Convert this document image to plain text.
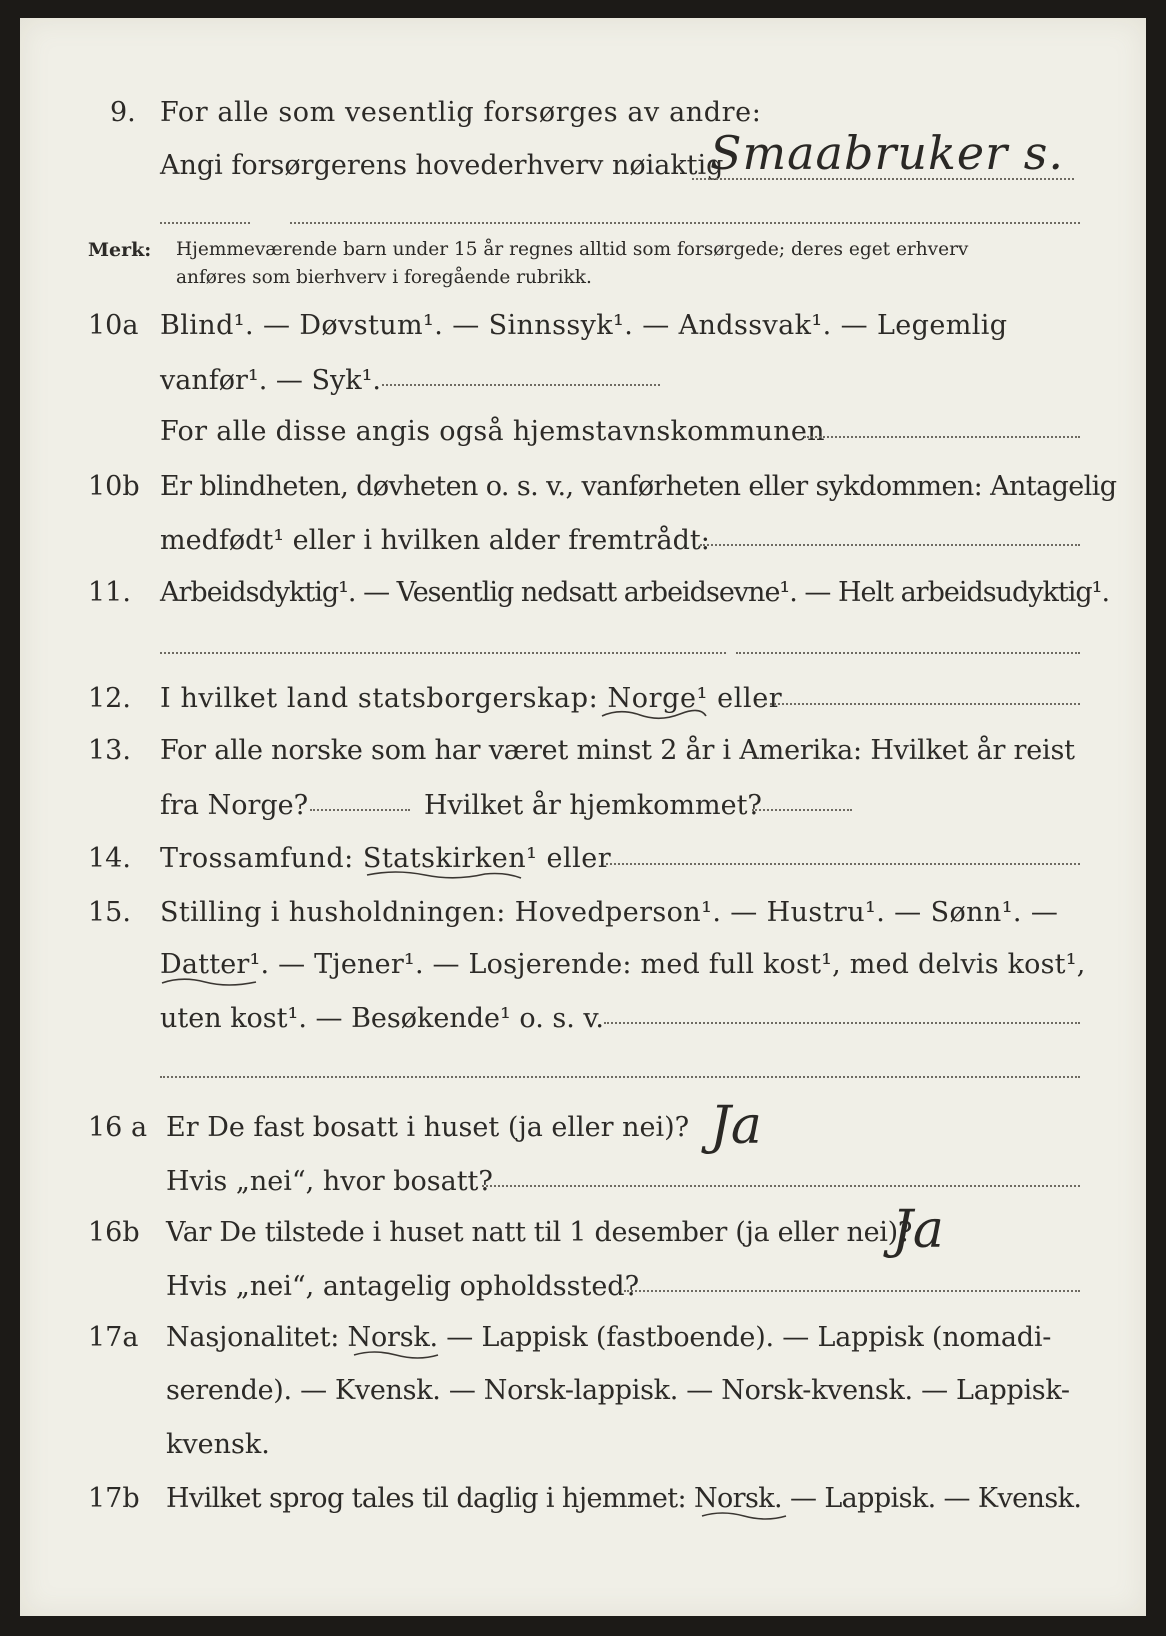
9. For alle som vesentlig forsørges av andre:
Angi forsørgerens hovederhverv nøiaktig
Smaabruker s.
Merk: Hjemmeværende barn under 15 år regnes alltid som forsørgede; deres eget erhverv
anføres som bierhverv i foregående rubrikk.
10a Blind¹. — Døvstum¹. — Sinnssyk¹. — Andssvak¹. — Legemlig
vanfør¹. — Syk¹.
For alle disse angis også hjemstavnskommunen
10b Er blindheten, døvheten o. s. v., vanførheten eller sykdommen: Antagelig
medfødt¹ eller i hvilken alder fremtrådt:
11. Arbeidsdyktig¹. — Vesentlig nedsatt arbeidsevne¹. — Helt arbeidsudyktig¹.
12. I hvilket land statsborgerskap: Norge¹ eller
13. For alle norske som har været minst 2 år i Amerika: Hvilket år reist
fra Norge?	Hvilket år hjemkommet?
14. Trossamfund: Statskirken¹ eller
15. Stilling i husholdningen: Hovedperson¹. — Hustru¹. — Sønn¹. —
Datter¹. — Tjener¹. — Losjerende: med full kost¹, med delvis kost¹,
uten kost¹. — Besøkende¹ o. s. v.
16 a Er De fast bosatt i huset (ja eller nei)? Ja
Hvis „nei“, hvor bosatt?
16b Var De tilstede i huset natt til 1 desember (ja eller nei)?
Ja
Hvis „nei“, antagelig opholdssted?
17a Nasjonalitet: Norsk. — Lappisk (fastboende). — Lappisk (nomadi-
serende). — Kvensk. — Norsk-lappisk. — Norsk-kvensk. — Lappisk-
kvensk.
17b Hvilket sprog tales til daglig i hjemmet: Norsk. — Lappisk. — Kvensk.
